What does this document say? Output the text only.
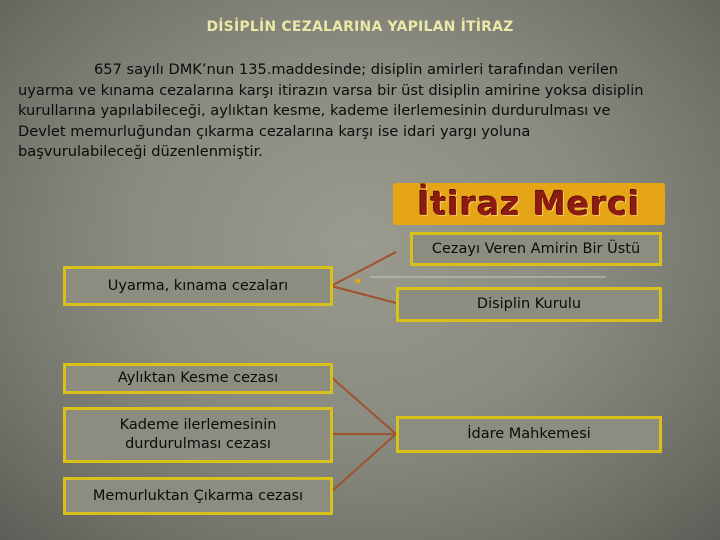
DİSİPLİN CEZALARINA YAPILAN İTİRAZ
657 sayılı DMK’nun 135.maddesinde; disiplin amirleri tarafından verilen
uyarma ve kınama cezalarına karşı itirazın varsa bir üst disiplin amirine yoksa disiplin
kurullarına yapılabileceği, aylıktan kesme, kademe ilerlemesinin durdurulması ve
Devlet memurluğundan çıkarma cezalarına karşı ise idari yargı yoluna
başvurulabileceği düzenlenmiştir.
İtiraz Merci
Cezayı Veren Amirin Bir Üstü
Uyarma, kınama cezaları
Disiplin Kurulu
Aylıktan Kesme cezası
Kademe ilerlemesinin
durdurulması cezası
İdare Mahkemesi
Memurluktan Çıkarma cezası
